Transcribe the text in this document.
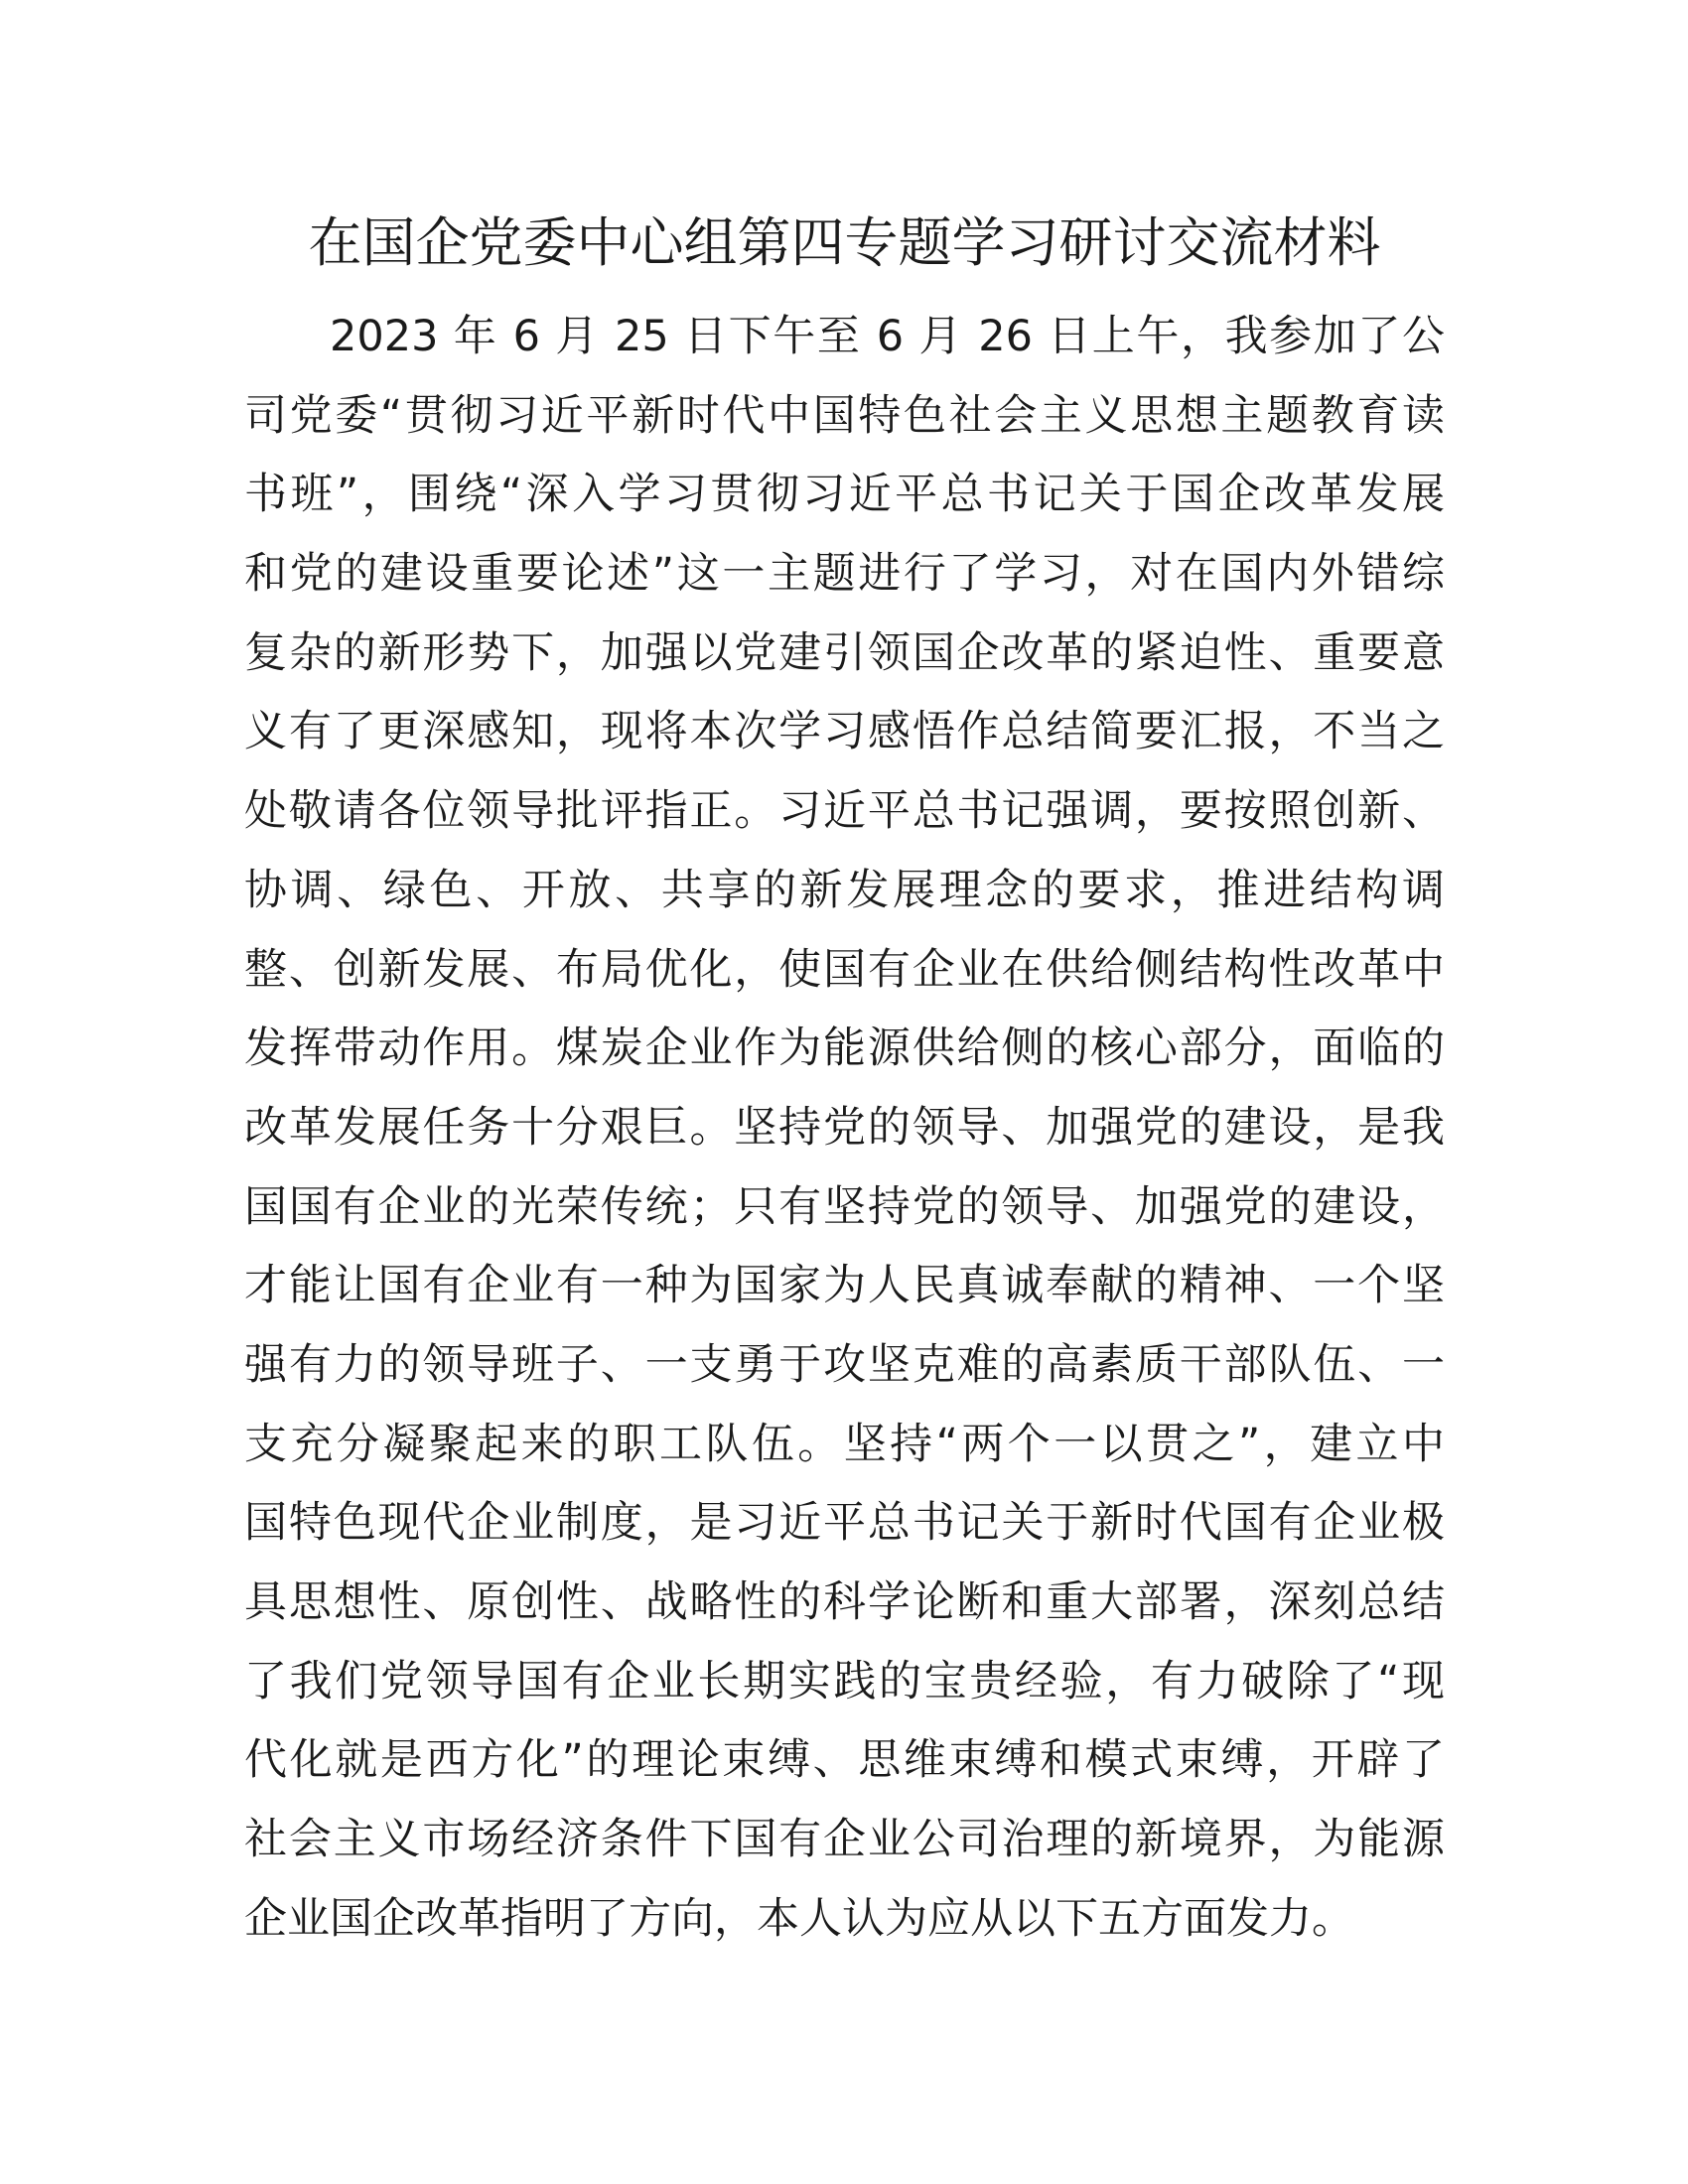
在国企党委中心组第四专题学习研讨交流材料
2023 年 6 月 25 日下午至 6 月 26 日上午，我参加了公
司党委“贯彻习近平新时代中国特色社会主义思想主题教育读
书班”，围绕“深入学习贯彻习近平总书记关于国企改革发展
和党的建设重要论述”这一主题进行了学习，对在国内外错综
复杂的新形势下，加强以党建引领国企改革的紧迫性、重要意
义有了更深感知，现将本次学习感悟作总结简要汇报，不当之
处敬请各位领导批评指正。习近平总书记强调，要按照创新、
协调、绿色、开放、共享的新发展理念的要求，推进结构调
整、创新发展、布局优化，使国有企业在供给侧结构性改革中
发挥带动作用。煤炭企业作为能源供给侧的核心部分，面临的
改革发展任务十分艰巨。坚持党的领导、加强党的建设，是我
国国有企业的光荣传统；只有坚持党的领导、加强党的建设，
才能让国有企业有一种为国家为人民真诚奉献的精神、一个坚
强有力的领导班子、一支勇于攻坚克难的高素质干部队伍、一
支充分凝聚起来的职工队伍。坚持“两个一以贯之”，建立中
国特色现代企业制度，是习近平总书记关于新时代国有企业极
具思想性、原创性、战略性的科学论断和重大部署，深刻总结
了我们党领导国有企业长期实践的宝贵经验，有力破除了“现
代化就是西方化”的理论束缚、思维束缚和模式束缚，开辟了
社会主义市场经济条件下国有企业公司治理的新境界，为能源
企业国企改革指明了方向，本人认为应从以下五方面发力。
